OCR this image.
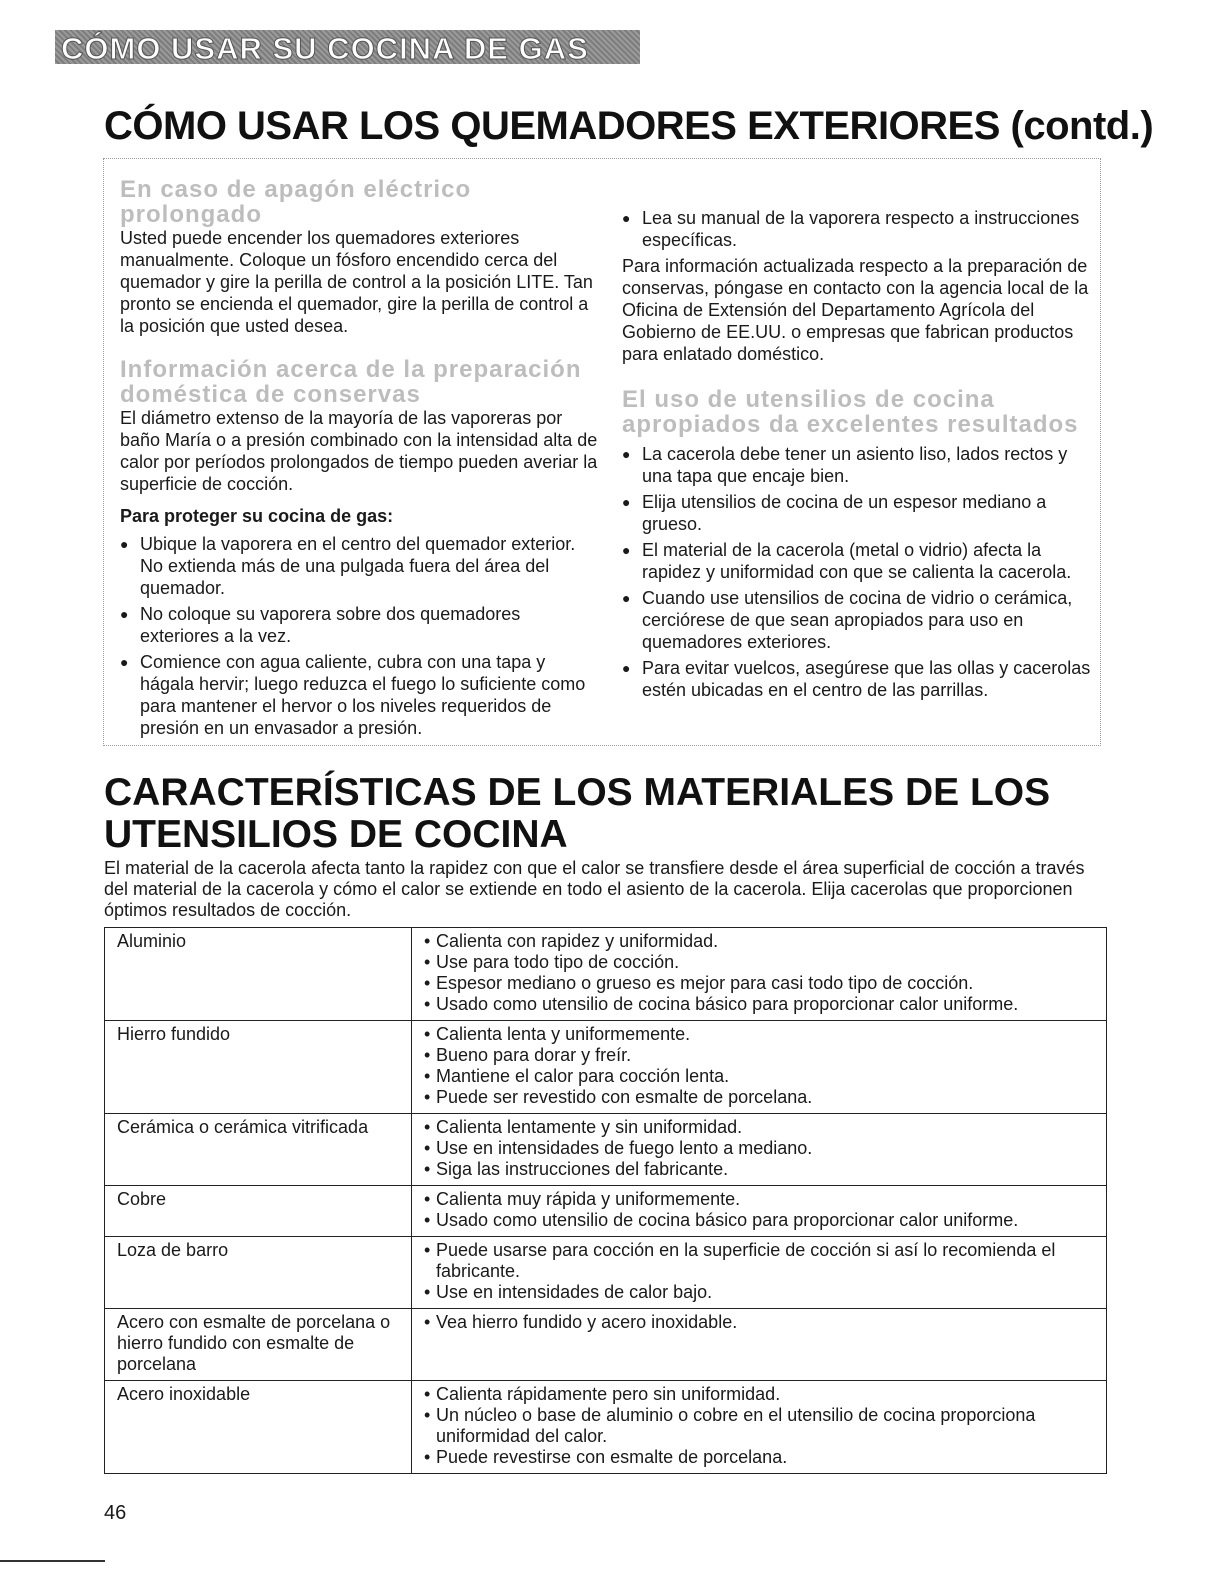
CÓMO USAR SU COCINA DE GAS
CÓMO USAR LOS QUEMADORES EXTERIORES (contd.)

En caso de apagón eléctrico prolongado

Usted puede encender los quemadores exteriores manualmente. Coloque un fósforo encendido cerca del quemador y gire la perilla de control a la posición LITE. Tan pronto se encienda el quemador, gire la perilla de control a la posición que usted desea.

Información acerca de la preparación doméstica de conservas

El diámetro extenso de la mayoría de las vaporeras por baño María o a presión combinado con la intensidad alta de calor por períodos prolongados de tiempo pueden averiar la superficie de cocción.

Para proteger su cocina de gas:

● Ubique la vaporera en el centro del quemador exterior. No extienda más de una pulgada fuera del área del quemador.
● No coloque su vaporera sobre dos quemadores exteriores a la vez.
● Comience con agua caliente, cubra con una tapa y hágala hervir; luego reduzca el fuego lo suficiente como para mantener el hervor o los niveles requeridos de presión en un envasador a presión.
● Lea su manual de la vaporera respecto a instrucciones específicas.

Para información actualizada respecto a la preparación de conservas, póngase en contacto con la agencia local de la Oficina de Extensión del Departamento Agrícola del Gobierno de EE.UU. o empresas que fabrican productos para enlatado doméstico.

El uso de utensilios de cocina apropiados da excelentes resultados

● La cacerola debe tener un asiento liso, lados rectos y una tapa que encaje bien.
● Elija utensilios de cocina de un espesor mediano a grueso.
● El material de la cacerola (metal o vidrio) afecta la rapidez y uniformidad con que se calienta la cacerola.
● Cuando use utensilios de cocina de vidrio o cerámica, cerciórese de que sean apropiados para uso en quemadores exteriores.
● Para evitar vuelcos, asegúrese que las ollas y cacerolas estén ubicadas en el centro de las parrillas.
CARACTERÍSTICAS DE LOS MATERIALES DE LOS UTENSILIOS DE COCINA

El material de la cacerola afecta tanto la rapidez con que el calor se transfiere desde el área superficial de cocción a través del material de la cacerola y cómo el calor se extiende en todo el asiento de la cacerola. Elija cacerolas que proporcionen óptimos resultados de cocción.

Aluminio	• Calienta con rapidez y uniformidad.
• Use para todo tipo de cocción.
• Espesor mediano o grueso es mejor para casi todo tipo de cocción.
• Usado como utensilio de cocina básico para proporcionar calor uniforme.

Hierro fundido	• Calienta lenta y uniformemente.
• Bueno para dorar y freír.
• Mantiene el calor para cocción lenta.
• Puede ser revestido con esmalte de porcelana.

Cerámica o cerámica vitrificada	• Calienta lentamente y sin uniformidad.
• Use en intensidades de fuego lento a mediano.
• Siga las instrucciones del fabricante.

Cobre	• Calienta muy rápida y uniformemente.
• Usado como utensilio de cocina básico para proporcionar calor uniforme.

Loza de barro	• Puede usarse para cocción en la superficie de cocción si así lo recomienda el fabricante.
• Use en intensidades de calor bajo.

Acero con esmalte de porcelana o hierro fundido con esmalte de porcelana	• Vea hierro fundido y acero inoxidable.

Acero inoxidable	• Calienta rápidamente pero sin uniformidad.
• Un núcleo o base de aluminio o cobre en el utensilio de cocina proporciona uniformidad del calor.
• Puede revestirse con esmalte de porcelana.
46
